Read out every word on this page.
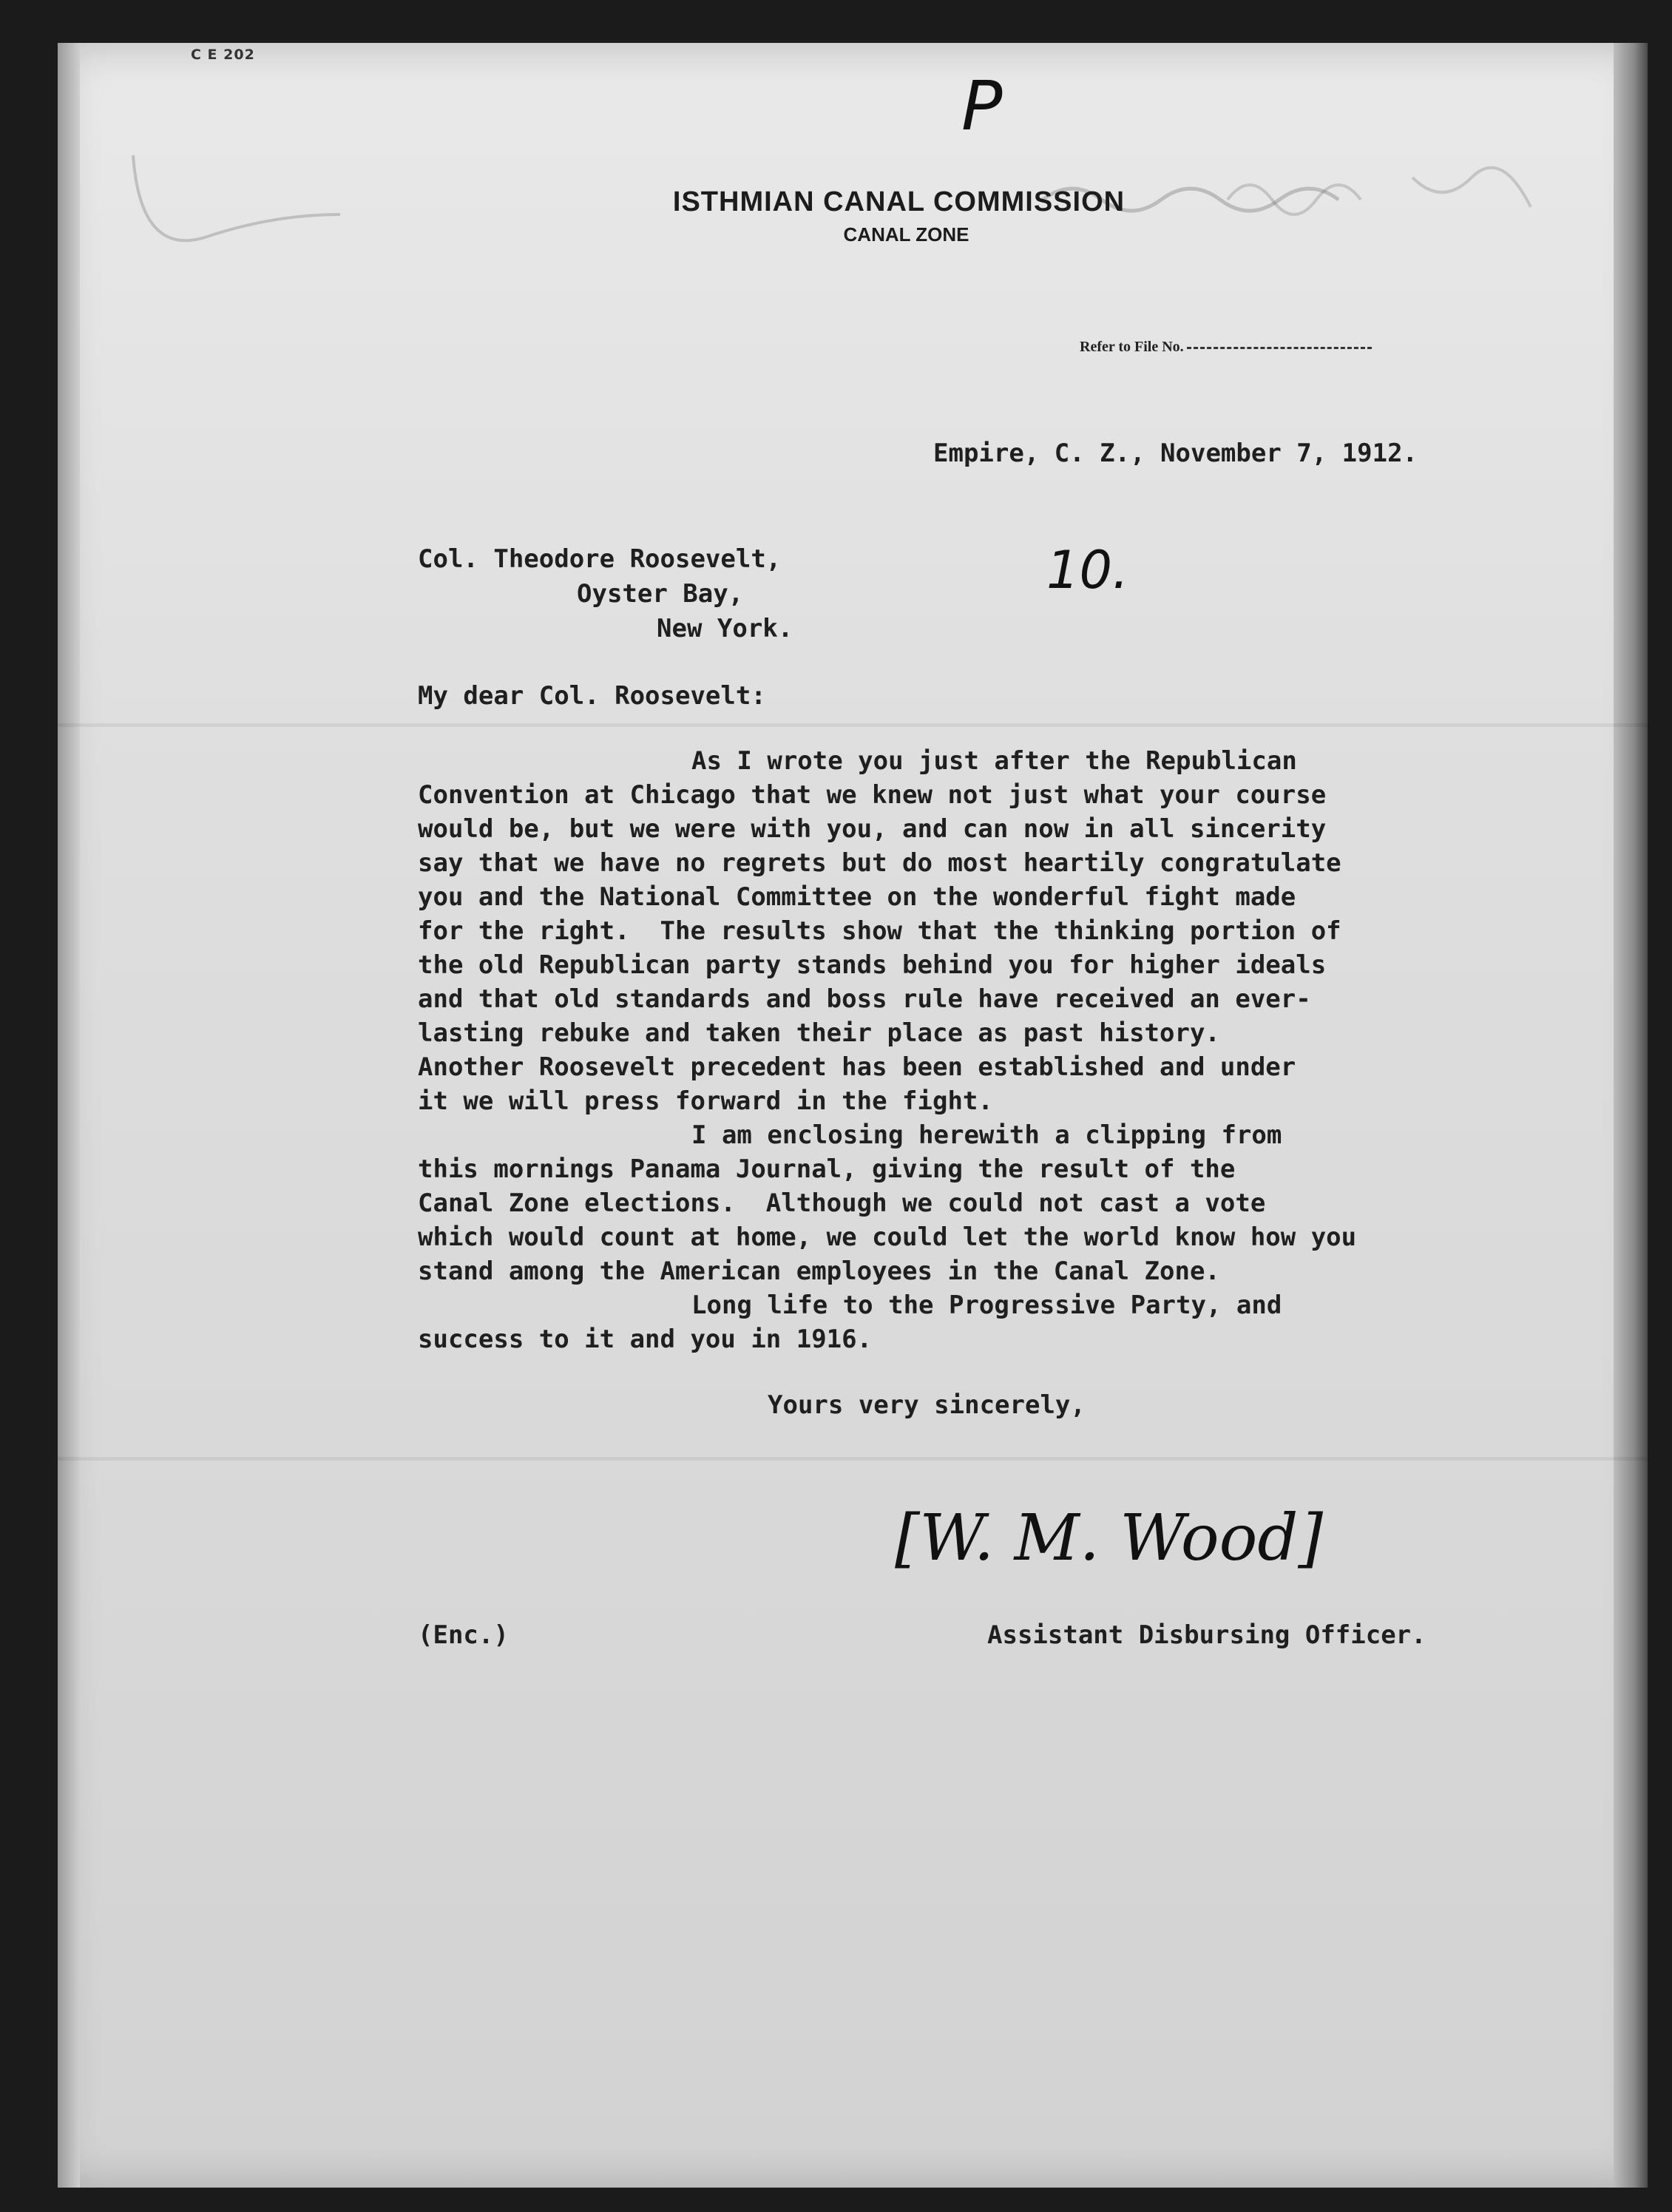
C E 202
P
ISTHMIAN CANAL COMMISSION
CANAL ZONE
Refer to File No.
Empire, C. Z., November 7, 1912.
Col. Theodore Roosevelt,
Oyster Bay,
New York.
10.
My dear Col. Roosevelt:
As I wrote you just after the Republican
Convention at Chicago that we knew not just what your course
would be, but we were with you, and can now in all sincerity
say that we have no regrets but do most heartily congratulate
you and the National Committee on the wonderful fight made
for the right.  The results show that the thinking portion of
the old Republican party stands behind you for higher ideals
and that old standards and boss rule have received an ever-
lasting rebuke and taken their place as past history.
Another Roosevelt precedent has been established and under
it we will press forward in the fight.
I am enclosing herewith a clipping from
this mornings Panama Journal, giving the result of the
Canal Zone elections.  Although we could not cast a vote
which would count at home, we could let the world know how you
stand among the American employees in the Canal Zone.
Long life to the Progressive Party, and
success to it and you in 1916.
Yours very sincerely,
[W. M. Wood]
(Enc.)	Assistant Disbursing Officer.
